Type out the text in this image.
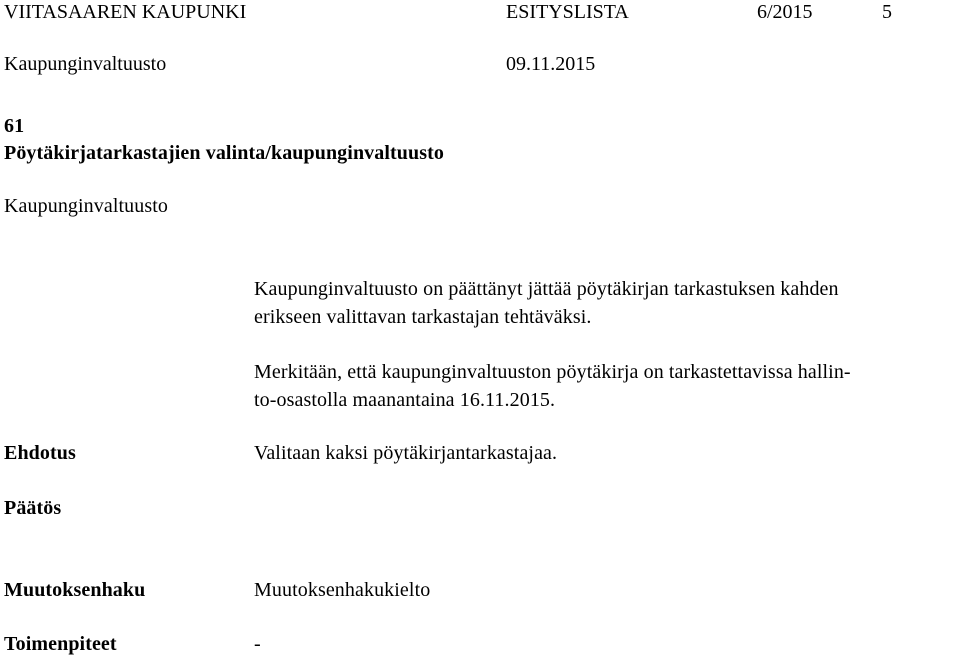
VIITASAAREN KAUPUNKI	ESITYSLISTA	6/2015	5
Kaupunginvaltuusto	09.11.2015
61
Pöytäkirjatarkastajien valinta/kaupunginvaltuusto
Kaupunginvaltuusto
Kaupunginvaltuusto on päättänyt jättää pöytäkirjan tarkastuksen kahden
erikseen valittavan tarkastajan tehtäväksi.
Merkitään, että kaupunginvaltuuston pöytäkirja on tarkastettavissa hallin-
to-osastolla maanantaina 16.11.2015.
Ehdotus	Valitaan kaksi pöytäkirjantarkastajaa.
Päätös
Muutoksenhaku	Muutoksenhakukielto
Toimenpiteet	-
